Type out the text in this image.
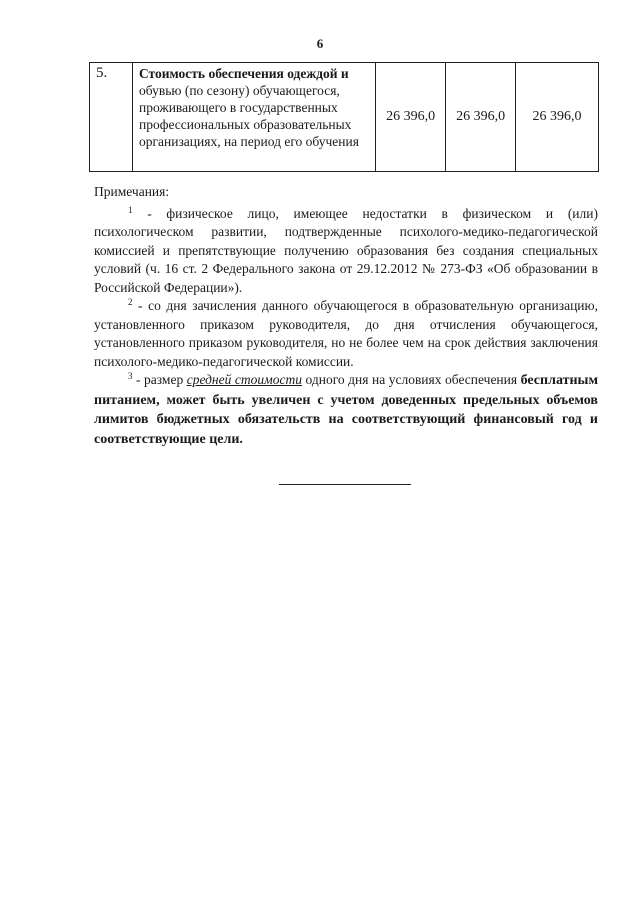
6
5.	Стоимость обеспечения одеждой и обувью (по сезону) обучающегося, проживающего в государственных профессиональных образовательных организациях, на период его обучения	26 396,0	26 396,0	26 396,0

Примечания:

$^1$ - физическое лицо, имеющее недостатки в физическом и (или) психологическом развитии, подтвержденные психолого-медико-педагогической комиссией и препятствующие получению образования без создания специальных условий (ч. 16 ст. 2 Федерального закона от 29.12.2012 № 273-ФЗ «Об образовании в Российской Федерации»).

$^2$ - со дня зачисления данного обучающегося в образовательную организацию, установленного приказом руководителя, до дня отчисления обучающегося, установленного приказом руководителя, но не более чем на срок действия заключения психолого-медико-педагогической комиссии.

$^3$ - размер средней стоимости одного дня на условиях обеспечения бесплатным питанием, может быть увеличен с учетом доведенных предельных объемов лимитов бюджетных обязательств на соответствующий финансовый год и соответствующие цели.
